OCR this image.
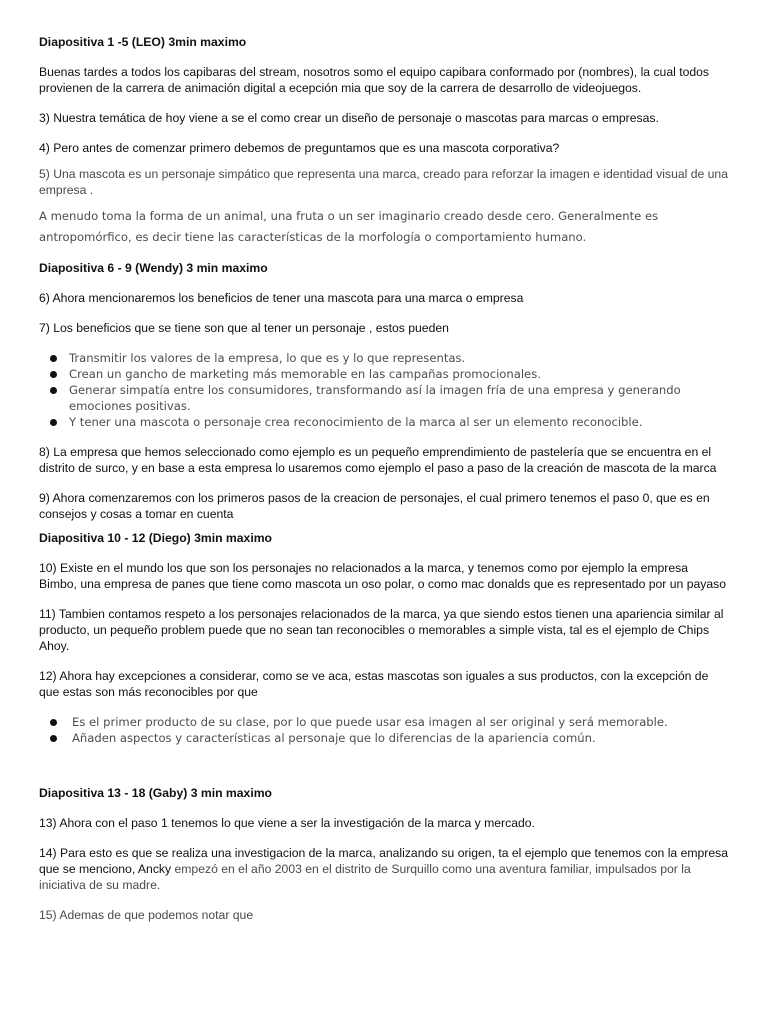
Diapositiva 1 -5 (LEO) 3min maximo

Buenas tardes a todos los capibaras del stream, nosotros somo el equipo capibara conformado por (nombres), la cual todos provienen de la carrera de animación digital a ecepción mia que soy de la carrera de desarrollo de videojuegos.

3) Nuestra temática de hoy viene a se el como crear un diseño de personaje o mascotas para marcas o empresas.

4) Pero antes de comenzar primero debemos de preguntamos que es una mascota corporativa?

5) Una mascota es un personaje simpático que representa una marca, creado para reforzar la imagen e identidad visual de una empresa .

A menudo toma la forma de un animal, una fruta o un ser imaginario creado desde cero. Generalmente es antropomórfico, es decir tiene las características de la morfología o comportamiento humano.

Diapositiva 6 - 9 (Wendy) 3 min maximo

6) Ahora mencionaremos los beneficios de tener una mascota para una marca o empresa

7) Los beneficios que se tiene son que al tener un personaje , estos pueden

Transmitir los valores de la empresa, lo que es y lo que representas.
Crean un gancho de marketing más memorable en las campañas promocionales.
Generar simpatía entre los consumidores, transformando así la imagen fría de una empresa y generando emociones positivas.
Y tener una mascota o personaje crea reconocimiento de la marca al ser un elemento reconocible.

8) La empresa que hemos seleccionado como ejemplo es un pequeño emprendimiento de pastelería que se encuentra en el distrito de surco, y en base a esta empresa lo usaremos como ejemplo el paso a paso de la creación de mascota de la marca

9) Ahora comenzaremos con los primeros pasos de la creacion de personajes, el cual primero tenemos el paso 0, que es en consejos y cosas a tomar en cuenta

Diapositiva 10 - 12 (Diego) 3min maximo

10) Existe en el mundo los que son los personajes no relacionados a la marca, y tenemos como por ejemplo la empresa Bimbo, una empresa de panes que tiene como mascota un oso polar, o como mac donalds que es representado por un payaso

11) Tambien contamos respeto a los personajes relacionados de la marca, ya que siendo estos tienen una apariencia similar al producto, un pequeño problem puede que no sean tan reconocibles o memorables a simple vista, tal es el ejemplo de Chips Ahoy.

12) Ahora hay excepciones a considerar, como se ve aca, estas mascotas son iguales a sus productos, con la excepción de que estas son más reconocibles por que

Es el primer producto de su clase, por lo que puede usar esa imagen al ser original y será memorable.
Añaden aspectos y características al personaje que lo diferencias de la apariencia común.

Diapositiva 13 - 18 (Gaby) 3 min maximo

13) Ahora con el paso 1 tenemos lo que viene a ser la investigación de la marca y mercado.

14) Para esto es que se realiza una investigacion de la marca, analizando su origen, ta el ejemplo que tenemos con la empresa que se menciono, Ancky empezó en el año 2003 en el distrito de Surquillo como una aventura familiar, impulsados por la iniciativa de su madre.

15) Ademas de que podemos notar que
